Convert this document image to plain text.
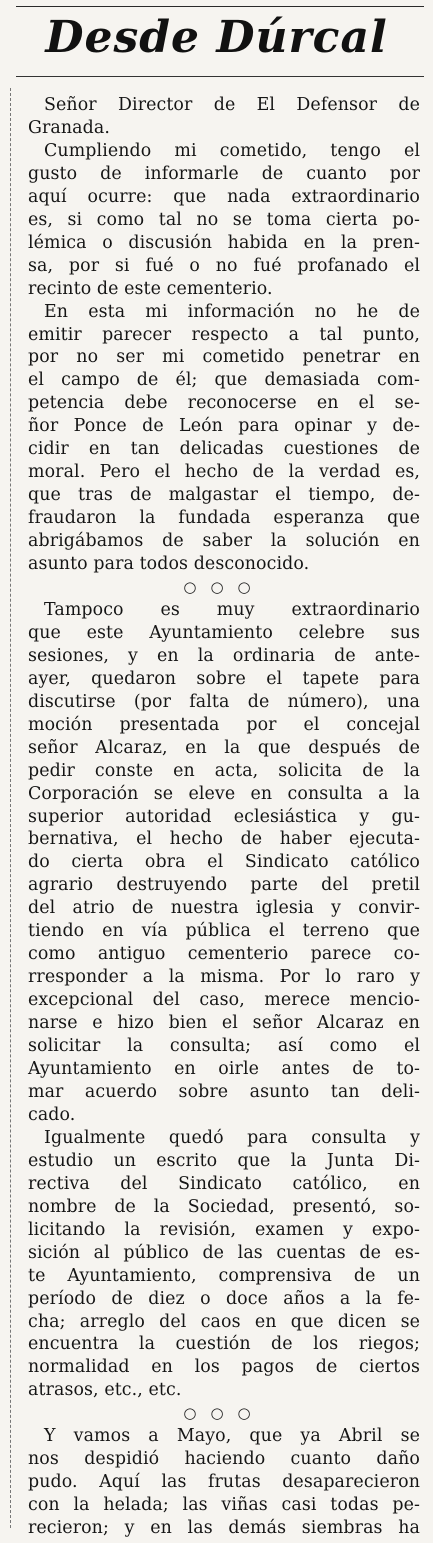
Desde Dúrcal
Señor Director de El Defensor de
Granada.
Cumpliendo mi cometido, tengo el
gusto de informarle de cuanto por
aquí ocurre: que nada extraordinario
es, si como tal no se toma cierta po-
lémica o discusión habida en la pren-
sa, por si fué o no fué profanado el
recinto de este cementerio.
En esta mi información no he de
emitir parecer respecto a tal punto,
por no ser mi cometido penetrar en
el campo de él; que demasiada com-
petencia debe reconocerse en el se-
ñor Ponce de León para opinar y de-
cidir en tan delicadas cuestiones de
moral. Pero el hecho de la verdad es,
que tras de malgastar el tiempo, de-
fraudaron la fundada esperanza que
abrigábamos de saber la solución en
asunto para todos desconocido.
○○○
Tampoco es muy extraordinario
que este Ayuntamiento celebre sus
sesiones, y en la ordinaria de ante-
ayer, quedaron sobre el tapete para
discutirse (por falta de número), una
moción presentada por el concejal
señor Alcaraz, en la que después de
pedir conste en acta, solicita de la
Corporación se eleve en consulta a la
superior autoridad eclesiástica y gu-
bernativa, el hecho de haber ejecuta-
do cierta obra el Sindicato católico
agrario destruyendo parte del pretil
del atrio de nuestra iglesia y convir-
tiendo en vía pública el terreno que
como antiguo cementerio parece co-
rresponder a la misma. Por lo raro y
excepcional del caso, merece mencio-
narse e hizo bien el señor Alcaraz en
solicitar la consulta; así como el
Ayuntamiento en oirle antes de to-
mar acuerdo sobre asunto tan deli-
cado.
Igualmente quedó para consulta y
estudio un escrito que la Junta Di-
rectiva del Sindicato católico, en
nombre de la Sociedad, presentó, so-
licitando la revisión, examen y expo-
sición al público de las cuentas de es-
te Ayuntamiento, comprensiva de un
período de diez o doce años a la fe-
cha; arreglo del caos en que dicen se
encuentra la cuestión de los riegos;
normalidad en los pagos de ciertos
atrasos, etc., etc.
○○○
Y vamos a Mayo, que ya Abril se
nos despidió haciendo cuanto daño
pudo. Aquí las frutas desaparecieron
con la helada; las viñas casi todas pe-
recieron; y en las demás siembras ha
